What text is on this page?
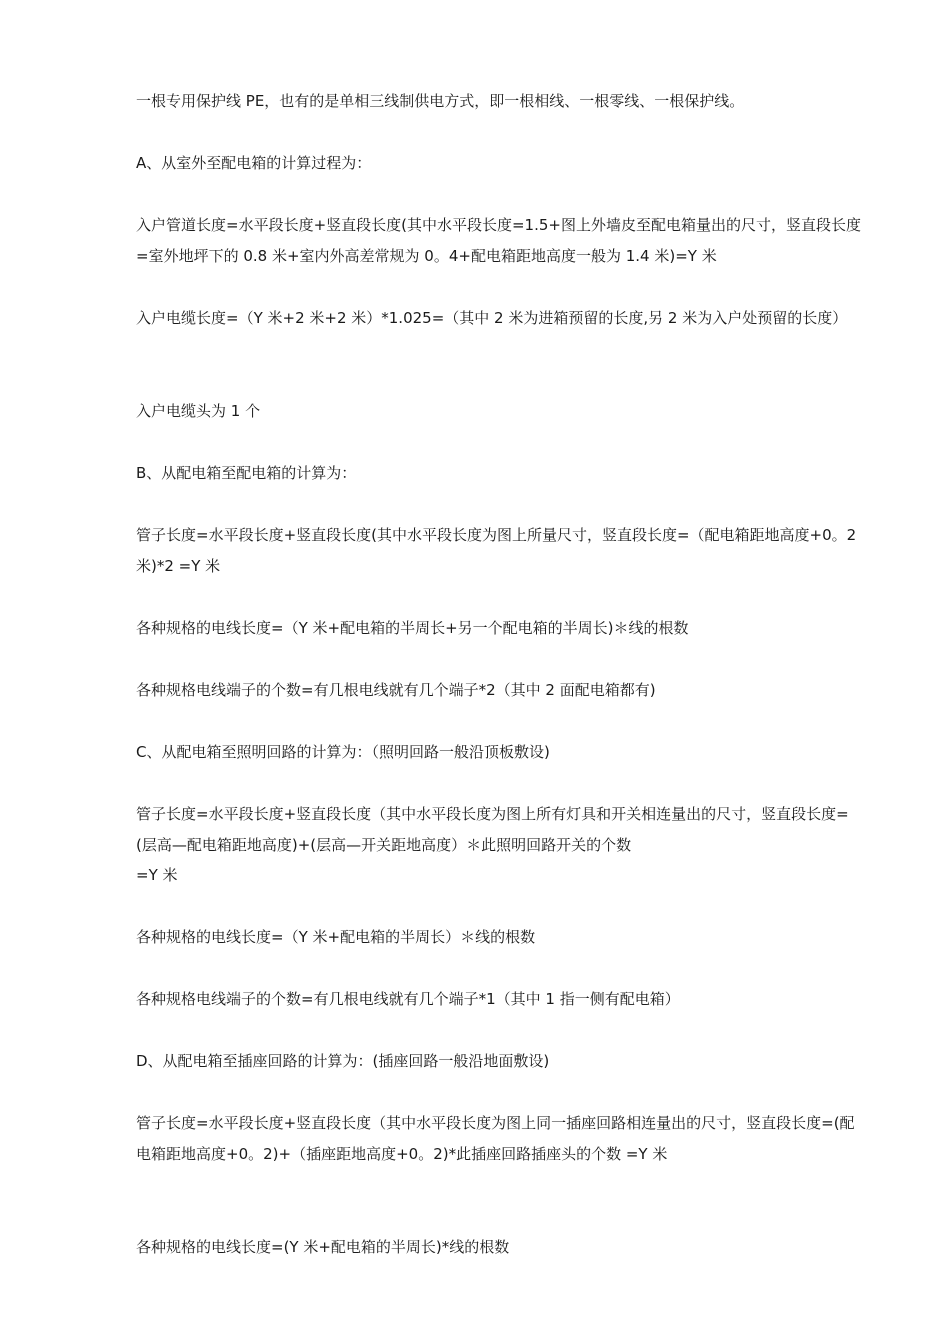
一根专用保护线 PE，也有的是单相三线制供电方式，即一根相线、一根零线、一根保护线。

A、从室外至配电箱的计算过程为：

入户管道长度=水平段长度+竖直段长度(其中水平段长度=1.5+图上外墙皮至配电箱量出的尺寸，竖直段长度=室外地坪下的 0.8 米+室内外高差常规为 0。4+配电箱距地高度一般为 1.4 米)=Y 米

入户电缆长度=（Y 米+2 米+2 米）*1.025=（其中 2 米为进箱预留的长度,另 2 米为入户处预留的长度）

入户电缆头为 1 个

B、从配电箱至配电箱的计算为：

管子长度=水平段长度+竖直段长度(其中水平段长度为图上所量尺寸，竖直段长度=（配电箱距地高度+0。2 米)*2 =Y 米

各种规格的电线长度=（Y 米+配电箱的半周长+另一个配电箱的半周长)＊线的根数

各种规格电线端子的个数=有几根电线就有几个端子*2（其中 2 面配电箱都有)

C、从配电箱至照明回路的计算为：（照明回路一般沿顶板敷设)

管子长度=水平段长度+竖直段长度（其中水平段长度为图上所有灯具和开关相连量出的尺寸，竖直段长度=(层高—配电箱距地高度)+(层高—开关距地高度）＊此照明回路开关的个数

=Y 米

各种规格的电线长度=（Y 米+配电箱的半周长）＊线的根数

各种规格电线端子的个数=有几根电线就有几个端子*1（其中 1 指一侧有配电箱）

D、从配电箱至插座回路的计算为：(插座回路一般沿地面敷设)

管子长度=水平段长度+竖直段长度（其中水平段长度为图上同一插座回路相连量出的尺寸，竖直段长度=(配电箱距地高度+0。2)+（插座距地高度+0。2)*此插座回路插座头的个数 =Y 米

各种规格的电线长度=(Y 米+配电箱的半周长)*线的根数
